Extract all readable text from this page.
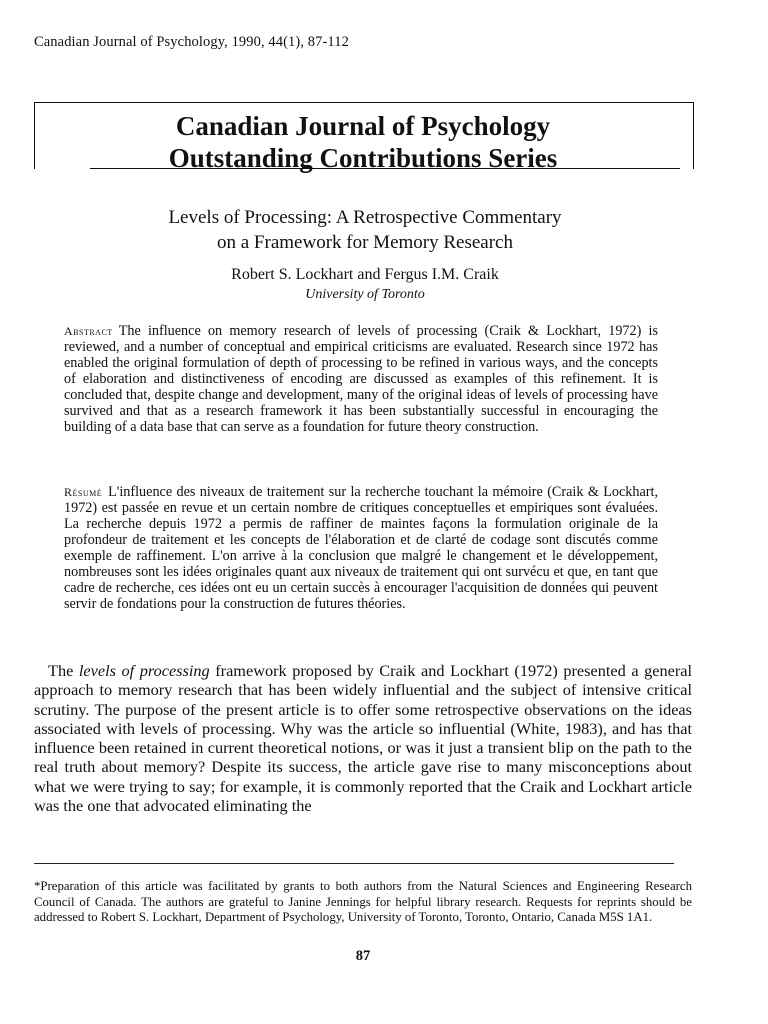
Canadian Journal of Psychology, 1990, 44(1), 87-112
Canadian Journal of Psychology
Outstanding Contributions Series
Levels of Processing: A Retrospective Commentary
on a Framework for Memory Research
Robert S. Lockhart and Fergus I.M. Craik
University of Toronto
Abstract The influence on memory research of levels of processing (Craik & Lockhart, 1972) is reviewed, and a number of conceptual and empirical criticisms are evaluated. Research since 1972 has enabled the original formulation of depth of processing to be refined in various ways, and the concepts of elaboration and distinctiveness of encoding are discussed as examples of this refinement. It is concluded that, despite change and development, many of the original ideas of levels of processing have survived and that as a research framework it has been substantially successful in encouraging the building of a data base that can serve as a foundation for future theory construction.
Résumé L'influence des niveaux de traitement sur la recherche touchant la mémoire (Craik & Lockhart, 1972) est passée en revue et un certain nombre de critiques conceptuelles et empiriques sont évaluées. La recherche depuis 1972 a permis de raffiner de maintes façons la formulation originale de la profondeur de traitement et les concepts de l'élaboration et de clarté de codage sont discutés comme exemple de raffinement. L'on arrive à la conclusion que malgré le changement et le développement, nombreuses sont les idées originales quant aux niveaux de traitement qui ont survécu et que, en tant que cadre de recherche, ces idées ont eu un certain succès à encourager l'acquisition de données qui peuvent servir de fondations pour la construction de futures théories.
The levels of processing framework proposed by Craik and Lockhart (1972) presented a general approach to memory research that has been widely influential and the subject of intensive critical scrutiny. The purpose of the present article is to offer some retrospective observations on the ideas associated with levels of processing. Why was the article so influential (White, 1983), and has that influence been retained in current theoretical notions, or was it just a transient blip on the path to the real truth about memory? Despite its success, the article gave rise to many misconceptions about what we were trying to say; for example, it is commonly reported that the Craik and Lockhart article was the one that advocated eliminating the
*Preparation of this article was facilitated by grants to both authors from the Natural Sciences and Engineering Research Council of Canada. The authors are grateful to Janine Jennings for helpful library research. Requests for reprints should be addressed to Robert S. Lockhart, Department of Psychology, University of Toronto, Toronto, Ontario, Canada M5S 1A1.
87
